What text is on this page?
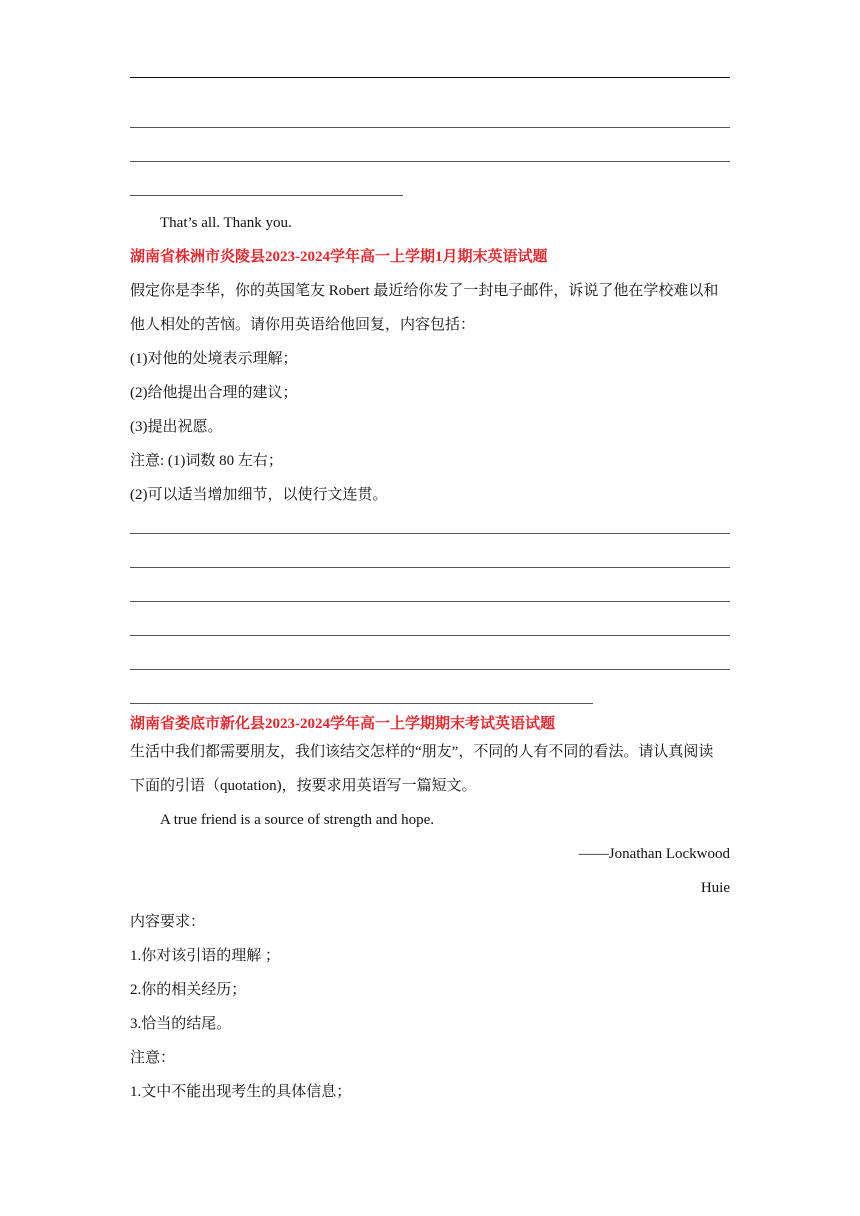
That’s all. Thank you.
湖南省株洲市炎陵县2023-2024学年高一上学期1月期末英语试题
假定你是李华，你的英国笔友 Robert 最近给你发了一封电子邮件，诉说了他在学校难以和
他人相处的苦恼。请你用英语给他回复，内容包括：
(1)对他的处境表示理解；
(2)给他提出合理的建议；
(3)提出祝愿。
注意: (1)词数 80 左右；
(2)可以适当增加细节，以使行文连贯。
湖南省娄底市新化县2023-2024学年高一上学期期末考试英语试题
生活中我们都需要朋友，我们该结交怎样的“朋友”，不同的人有不同的看法。请认真阅读
下面的引语（quotation)，按要求用英语写一篇短文。
A true friend is a source of strength and hope.
——Jonathan Lockwood
Huie
内容要求：
1.你对该引语的理解 ；
2.你的相关经历；
3.恰当的结尾。
注意：
1.文中不能出现考生的具体信息；
